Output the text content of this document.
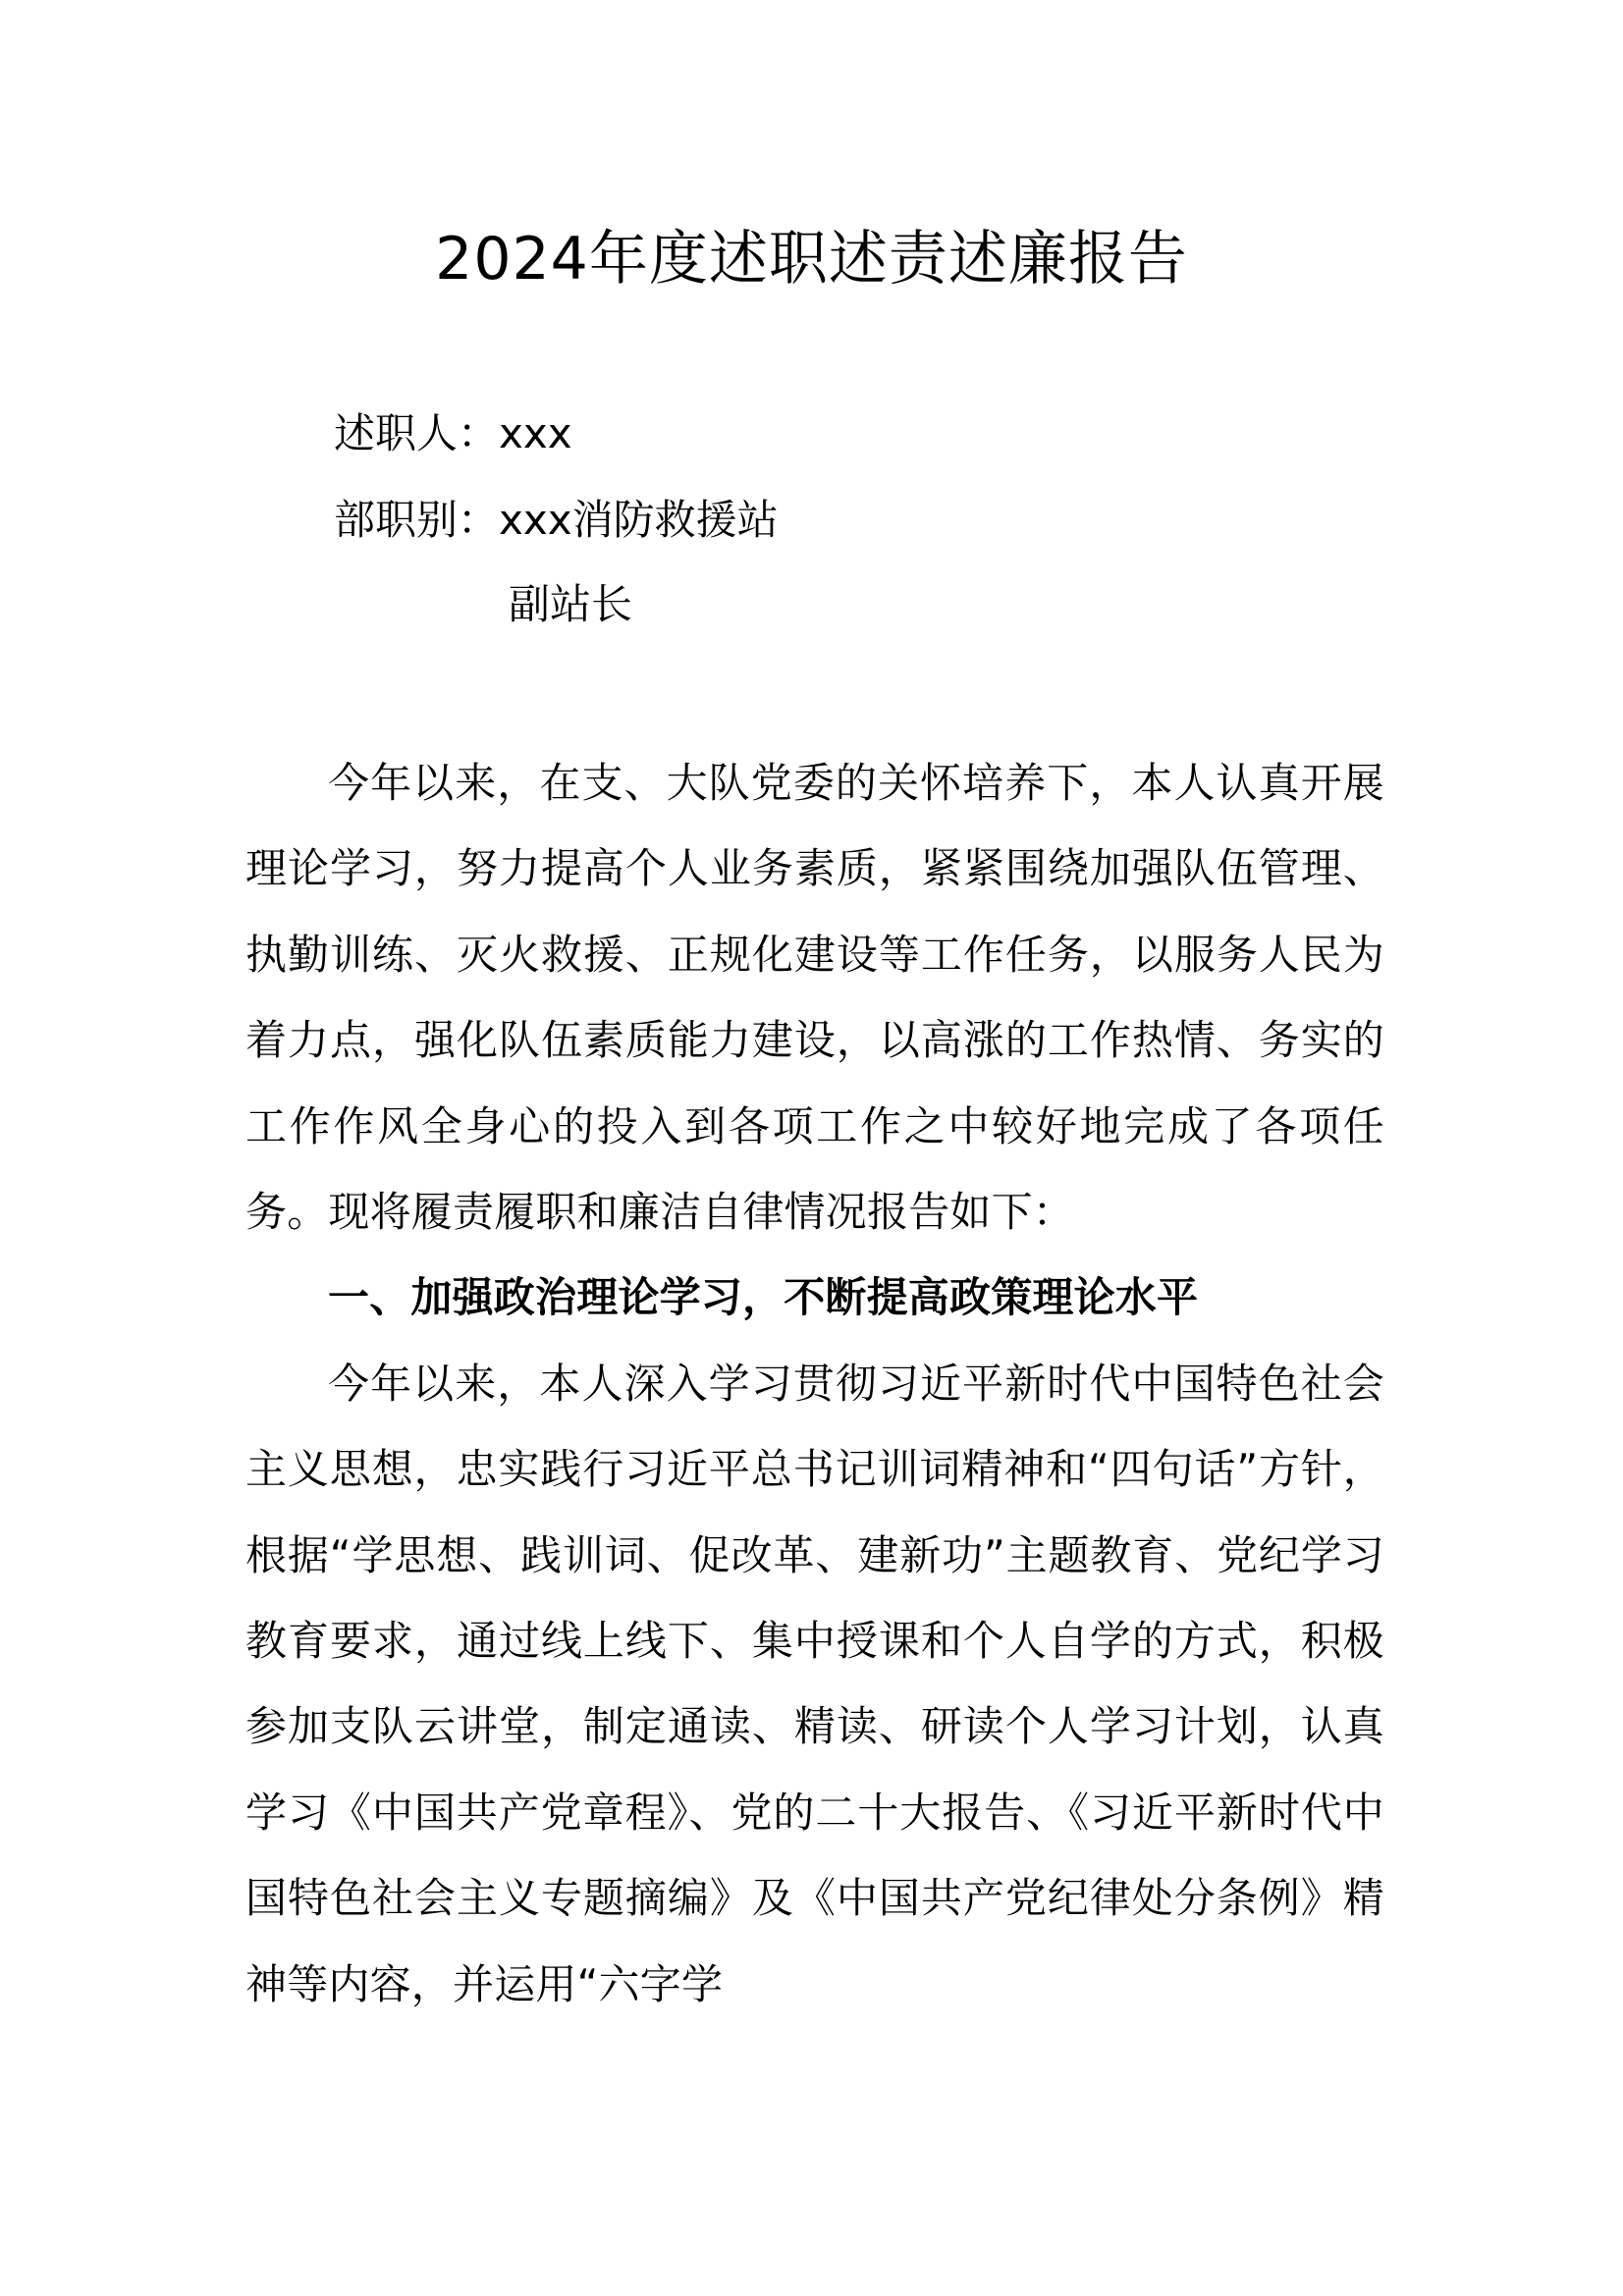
2024年度述职述责述廉报告
述职人：xxx
部职别：xxx消防救援站
副站长

今年以来，在支、大队党委的关怀培养下，本人认真开展理论学习，努力提高个人业务素质，紧紧围绕加强队伍管理、执勤训练、灭火救援、正规化建设等工作任务，以服务人民为着力点，强化队伍素质能力建设，以高涨的工作热情、务实的工作作风全身心的投入到各项工作之中较好地完成了各项任务。现将履责履职和廉洁自律情况报告如下：

一、加强政治理论学习，不断提高政策理论水平

今年以来，本人深入学习贯彻习近平新时代中国特色社会主义思想，忠实践行习近平总书记训词精神和“四句话”方针，根据“学思想、践训词、促改革、建新功”主题教育、党纪学习教育要求，通过线上线下、集中授课和个人自学的方式，积极参加支队云讲堂，制定通读、精读、研读个人学习计划，认真学习《中国共产党章程》、党的二十大报告、《习近平新时代中国特色社会主义专题摘编》及《中国共产党纪律处分条例》精神等内容，并运用“六字学
